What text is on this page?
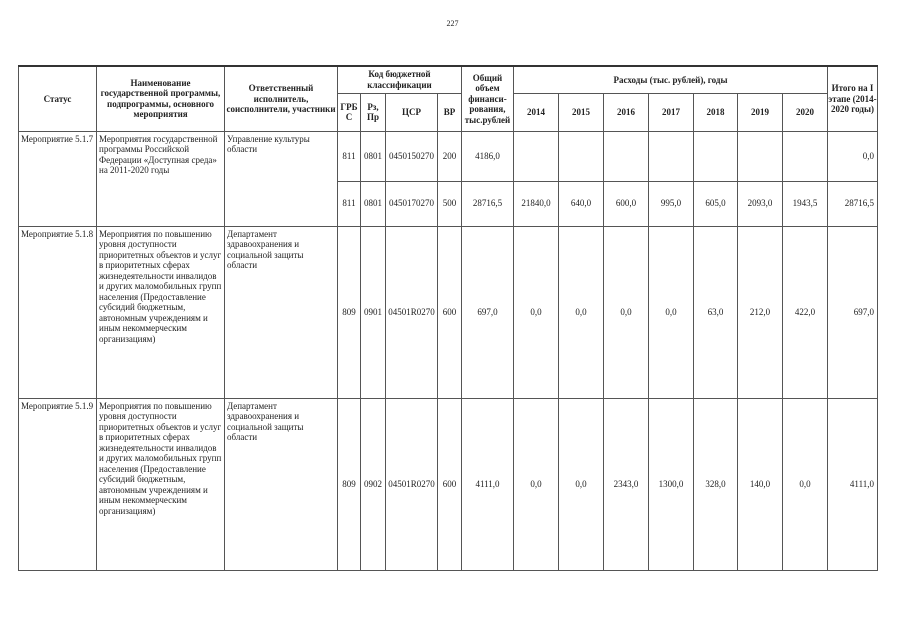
227
Статус	Наименование государственной программы, подпрограммы, основного мероприятия	Ответственный исполнитель, соисполнители, участники	Код бюджетной классификации				Общий объем финанси-рования, тыс.рублей	Расходы (тыс. рублей), годы							Итого на I этапе (2014-2020 годы)
			ГРБ С	Рз, Пр	ЦСР	ВР		2014	2015	2016	2017	2018	2019	2020	
Мероприятие 5.1.7	Мероприятия государственной программы Российской Федерации «Доступная среда» на 2011-2020 годы	Управление культуры области	811	0801	0450150270	200	4186,0								0,0
			811	0801	0450170270	500	28716,5	21840,0	640,0	600,0	995,0	605,0	2093,0	1943,5	28716,5
Мероприятие 5.1.8	Мероприятия по повышению уровня доступности приоритетных объектов и услуг в приоритетных сферах жизнедеятельности инвалидов и других маломобильных групп населения (Предоставление субсидий бюджетным, автономным учреждениям и иным некоммерческим организациям)	Департамент здравоохранения и социальной защиты области	809	0901	04501R0270	600	697,0	0,0	0,0	0,0	0,0	63,0	212,0	422,0	697,0
Мероприятие 5.1.9	Мероприятия по повышению уровня доступности приоритетных объектов и услуг в приоритетных сферах жизнедеятельности инвалидов и других маломобильных групп населения (Предоставление субсидий бюджетным, автономным учреждениям и иным некоммерческим организациям)	Департамент здравоохранения и социальной защиты области	809	0902	04501R0270	600	4111,0	0,0	0,0	2343,0	1300,0	328,0	140,0	0,0	4111,0
